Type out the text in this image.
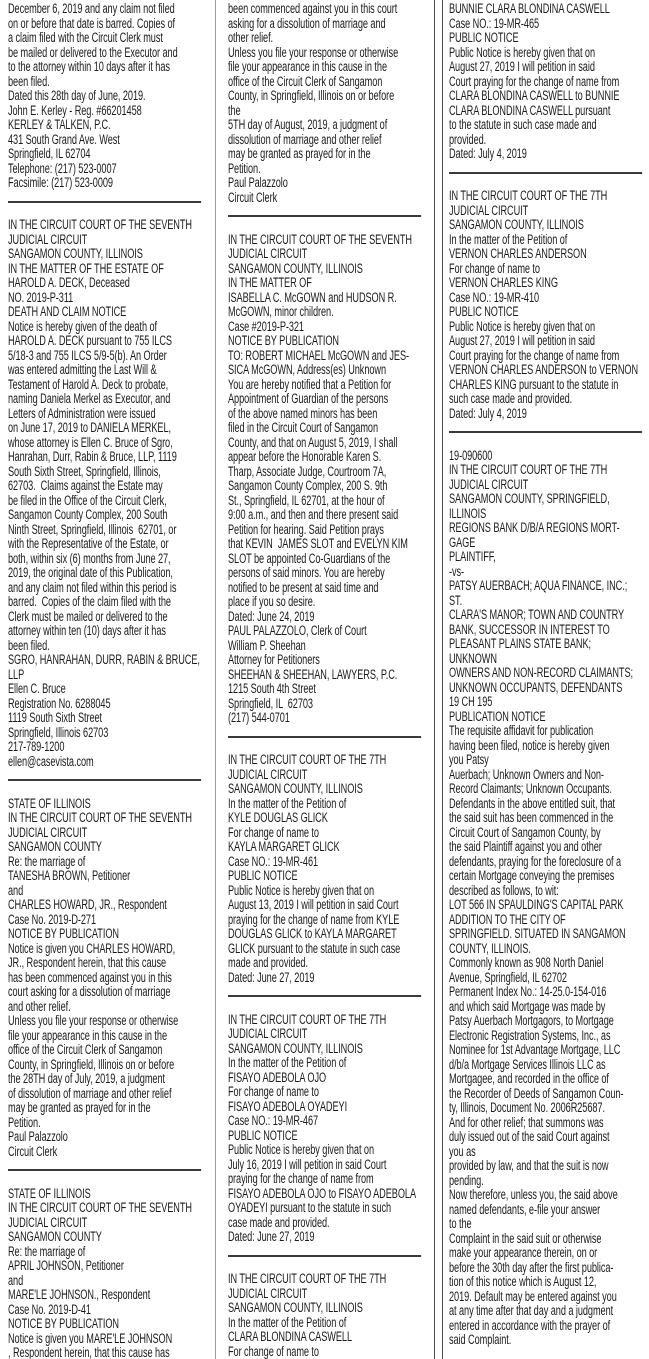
December 6, 2019 and any claim not filed
on or before that date is barred. Copies of
a claim filed with the Circuit Clerk must
be mailed or delivered to the Executor and
to the attorney within 10 days after it has
been filed.
Dated this 28th day of June, 2019.
John E. Kerley - Reg. #66201458
KERLEY & TALKEN, P.C.
431 South Grand Ave. West
Springfield, IL 62704
Telephone: (217) 523-0007
Facsimile: (217) 523-0009
IN THE CIRCUIT COURT OF THE SEVENTH
JUDICIAL CIRCUIT
SANGAMON COUNTY, ILLINOIS
IN THE MATTER OF THE ESTATE OF
HAROLD A. DECK, Deceased
NO. 2019-P-311
DEATH AND CLAIM NOTICE
Notice is hereby given of the death of
HAROLD A. DECK pursuant to 755 ILCS
5/18-3 and 755 ILCS 5/9-5(b). An Order
was entered admitting the Last Will &
Testament of Harold A. Deck to probate,
naming Daniela Merkel as Executor, and
Letters of Administration were issued
on June 17, 2019 to DANIELA MERKEL,
whose attorney is Ellen C. Bruce of Sgro,
Hanrahan, Durr, Rabin & Bruce, LLP, 1119
South Sixth Street, Springfield, Illinois,
62703.  Claims against the Estate may
be filed in the Office of the Circuit Clerk,
Sangamon County Complex, 200 South
Ninth Street, Springfield, Illinois  62701, or
with the Representative of the Estate, or
both, within six (6) months from June 27,
2019, the original date of this Publication,
and any claim not filed within this period is
barred.  Copies of the claim filed with the
Clerk must be mailed or delivered to the
attorney within ten (10) days after it has
been filed.
SGRO, HANRAHAN, DURR, RABIN & BRUCE,
LLP
Ellen C. Bruce
Registration No. 6288045
1119 South Sixth Street
Springfield, Illinois 62703
217-789-1200
ellen@casevista.com
STATE OF ILLINOIS
IN THE CIRCUIT COURT OF THE SEVENTH
JUDICIAL CIRCUIT
SANGAMON COUNTY
Re: the marriage of
TANESHA BROWN, Petitioner
and
CHARLES HOWARD, JR., Respondent
Case No. 2019-D-271
NOTICE BY PUBLICATION
Notice is given you CHARLES HOWARD,
JR., Respondent herein, that this cause
has been commenced against you in this
court asking for a dissolution of marriage
and other relief.
Unless you file your response or otherwise
file your appearance in this cause in the
office of the Circuit Clerk of Sangamon
County, in Springfield, Illinois on or before
the 28TH day of July, 2019, a judgment
of dissolution of marriage and other relief
may be granted as prayed for in the
Petition.
Paul Palazzolo
Circuit Clerk
STATE OF ILLINOIS
IN THE CIRCUIT COURT OF THE SEVENTH
JUDICIAL CIRCUIT
SANGAMON COUNTY
Re: the marriage of
APRIL JOHNSON, Petitioner
and
MARE'LE JOHNSON., Respondent
Case No. 2019-D-41
NOTICE BY PUBLICATION
Notice is given you MARE'LE JOHNSON
, Respondent herein, that this cause has
been commenced against you in this court
asking for a dissolution of marriage and
other relief.
Unless you file your response or otherwise
file your appearance in this cause in the
office of the Circuit Clerk of Sangamon
County, in Springfield, Illinois on or before
the
5TH day of August, 2019, a judgment of
dissolution of marriage and other relief
may be granted as prayed for in the
Petition.
Paul Palazzolo
Circuit Clerk
IN THE CIRCUIT COURT OF THE SEVENTH
JUDICIAL CIRCUIT
SANGAMON COUNTY, ILLINOIS
IN THE MATTER OF
ISABELLA C. McGOWN and HUDSON R.
McGOWN, minor children.
Case #2019-P-321
NOTICE BY PUBLICATION
TO: ROBERT MICHAEL McGOWN and JES-
SICA McGOWN, Address(es) Unknown
You are hereby notified that a Petition for
Appointment of Guardian of the persons
of the above named minors has been
filed in the Circuit Court of Sangamon
County, and that on August 5, 2019, I shall
appear before the Honorable Karen S.
Tharp, Associate Judge, Courtroom 7A,
Sangamon County Complex, 200 S. 9th
St., Springfield, IL 62701, at the hour of
9:00 a.m., and then and there present said
Petition for hearing. Said Petition prays
that KEVIN  JAMES SLOT and EVELYN KIM
SLOT be appointed Co-Guardians of the
persons of said minors. You are hereby
notified to be present at said time and
place if you so desire.
Dated: June 24, 2019
PAUL PALAZZOLO, Clerk of Court
William P. Sheehan
Attorney for Petitioners
SHEEHAN & SHEEHAN, LAWYERS, P.C.
1215 South 4th Street
Springfield, IL  62703
(217) 544-0701
IN THE CIRCUIT COURT OF THE 7TH
JUDICIAL CIRCUIT
SANGAMON COUNTY, ILLINOIS
In the matter of the Petition of
KYLE DOUGLAS GLICK
For change of name to
KAYLA MARGARET GLICK
Case NO.: 19-MR-461
PUBLIC NOTICE
Public Notice is hereby given that on
August 13, 2019 I will petition in said Court
praying for the change of name from KYLE
DOUGLAS GLICK to KAYLA MARGARET
GLICK pursuant to the statute in such case
made and provided.
Dated: June 27, 2019
IN THE CIRCUIT COURT OF THE 7TH
JUDICIAL CIRCUIT
SANGAMON COUNTY, ILLINOIS
In the matter of the Petition of
FISAYO ADEBOLA OJO
For change of name to
FISAYO ADEBOLA OYADEYI
Case NO.: 19-MR-467
PUBLIC NOTICE
Public Notice is hereby given that on
July 16, 2019 I will petition in said Court
praying for the change of name from
FISAYO ADEBOLA OJO to FISAYO ADEBOLA
OYADEYI pursuant to the statute in such
case made and provided.
Dated: June 27, 2019
IN THE CIRCUIT COURT OF THE 7TH
JUDICIAL CIRCUIT
SANGAMON COUNTY, ILLINOIS
In the matter of the Petition of
CLARA BLONDINA CASWELL
For change of name to
BUNNIE CLARA BLONDINA CASWELL
Case NO.: 19-MR-465
PUBLIC NOTICE
Public Notice is hereby given that on
August 27, 2019 I will petition in said
Court praying for the change of name from
CLARA BLONDINA CASWELL to BUNNIE
CLARA BLONDINA CASWELL pursuant
to the statute in such case made and
provided.
Dated: July 4, 2019
IN THE CIRCUIT COURT OF THE 7TH
JUDICIAL CIRCUIT
SANGAMON COUNTY, ILLINOIS
In the matter of the Petition of
VERNON CHARLES ANDERSON
For change of name to
VERNON CHARLES KING
Case NO.: 19-MR-410
PUBLIC NOTICE
Public Notice is hereby given that on
August 27, 2019 I will petition in said
Court praying for the change of name from
VERNON CHARLES ANDERSON to VERNON
CHARLES KING pursuant to the statute in
such case made and provided.
Dated: July 4, 2019
19-090600
IN THE CIRCUIT COURT OF THE 7TH
JUDICIAL CIRCUIT
SANGAMON COUNTY, SPRINGFIELD,
ILLINOIS
REGIONS BANK D/B/A REGIONS MORT-
GAGE
PLAINTIFF,
-vs-
PATSY AUERBACH; AQUA FINANCE, INC.;
ST.
CLARA'S MANOR; TOWN AND COUNTRY
BANK, SUCCESSOR IN INTEREST TO
PLEASANT PLAINS STATE BANK;
UNKNOWN
OWNERS AND NON-RECORD CLAIMANTS;
UNKNOWN OCCUPANTS, DEFENDANTS
19 CH 195
PUBLICATION NOTICE
The requisite affidavit for publication
having been filed, notice is hereby given
you Patsy
Auerbach; Unknown Owners and Non-
Record Claimants; Unknown Occupants.
Defendants in the above entitled suit, that
the said suit has been commenced in the
Circuit Court of Sangamon County, by
the said Plaintiff against you and other
defendants, praying for the foreclosure of a
certain Mortgage conveying the premises
described as follows, to wit:
LOT 566 IN SPAULDING'S CAPITAL PARK
ADDITION TO THE CITY OF
SPRINGFIELD. SITUATED IN SANGAMON
COUNTY, ILLINOIS.
Commonly known as 908 North Daniel
Avenue, Springfield, IL 62702
Permanent Index No.: 14-25.0-154-016
and which said Mortgage was made by
Patsy Auerbach Mortgagors, to Mortgage
Electronic Registration Systems, Inc., as
Nominee for 1st Advantage Mortgage, LLC
d/b/a Mortgage Services Illinois LLC as
Mortgagee, and recorded in the office of
the Recorder of Deeds of Sangamon Coun-
ty, Illinois, Document No. 2006R25687.
And for other relief; that summons was
duly issued out of the said Court against
you as
provided by law, and that the suit is now
pending.
Now therefore, unless you, the said above
named defendants, e-file your answer
to the
Complaint in the said suit or otherwise
make your appearance therein, on or
before the 30th day after the first publica-
tion of this notice which is August 12,
2019. Default may be entered against you
at any time after that day and a judgment
entered in accordance with the prayer of
said Complaint.
